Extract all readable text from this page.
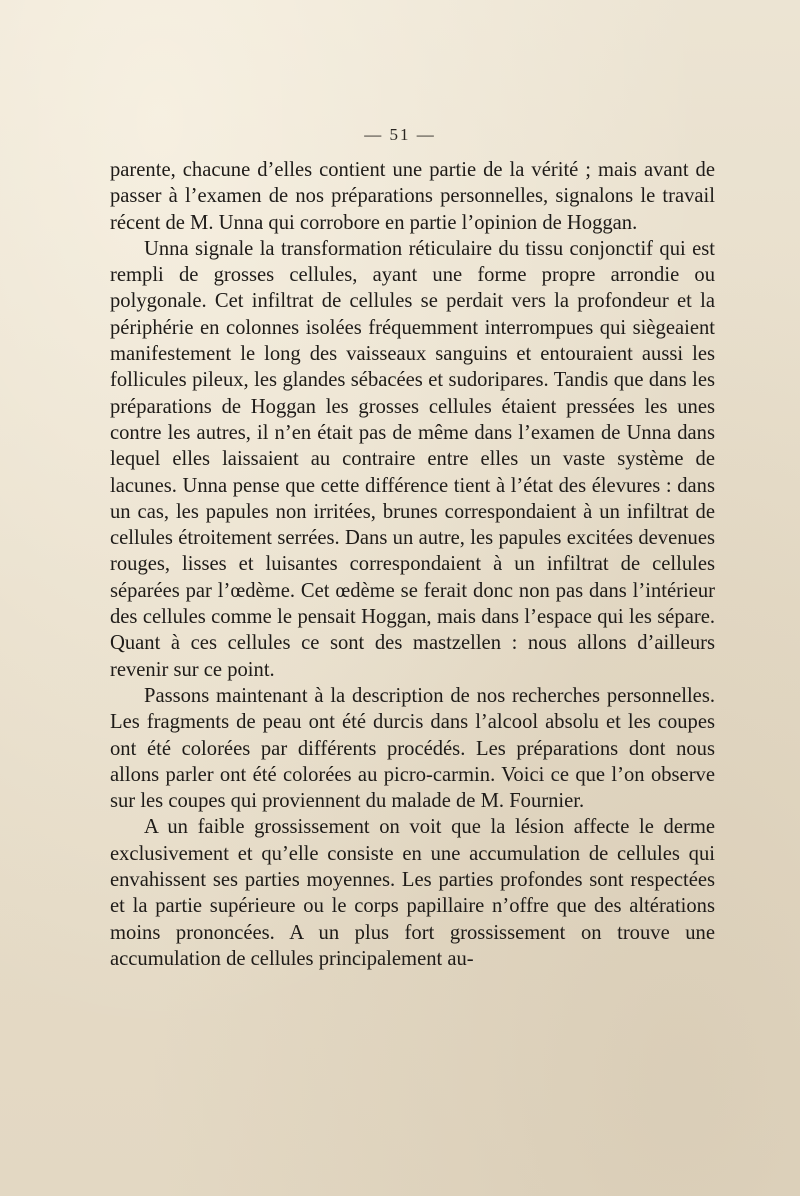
— 51 —

parente, chacune d’elles contient une partie de la vérité ; mais avant de passer à l’examen de nos préparations personnelles, signalons le travail récent de M. Unna qui corrobore en partie l’opinion de Hoggan.

Unna signale la transformation réticulaire du tissu conjonctif qui est rempli de grosses cellules, ayant une forme propre arrondie ou polygonale. Cet infiltrat de cellules se perdait vers la profondeur et la périphérie en colonnes isolées fréquemment interrompues qui siègeaient manifestement le long des vaisseaux sanguins et entouraient aussi les follicules pileux, les glandes sébacées et sudoripares. Tandis que dans les préparations de Hoggan les grosses cellules étaient pressées les unes contre les autres, il n’en était pas de même dans l’examen de Unna dans lequel elles laissaient au contraire entre elles un vaste système de lacunes. Unna pense que cette différence tient à l’état des élevures : dans un cas, les papules non irritées, brunes correspondaient à un infiltrat de cellules étroitement serrées. Dans un autre, les papules excitées devenues rouges, lisses et luisantes correspondaient à un infiltrat de cellules séparées par l’œdème. Cet œdème se ferait donc non pas dans l’intérieur des cellules comme le pensait Hoggan, mais dans l’espace qui les sépare. Quant à ces cellules ce sont des mastzellen : nous allons d’ailleurs revenir sur ce point.

Passons maintenant à la description de nos recherches personnelles. Les fragments de peau ont été durcis dans l’alcool absolu et les coupes ont été colorées par différents procédés. Les préparations dont nous allons parler ont été colorées au picro-carmin. Voici ce que l’on observe sur les coupes qui proviennent du malade de M. Fournier.

A un faible grossissement on voit que la lésion affecte le derme exclusivement et qu’elle consiste en une accumulation de cellules qui envahissent ses parties moyennes. Les parties profondes sont respectées et la partie supérieure ou le corps papillaire n’offre que des altérations moins prononcées. A un plus fort grossissement on trouve une accumulation de cellules principalement au-
